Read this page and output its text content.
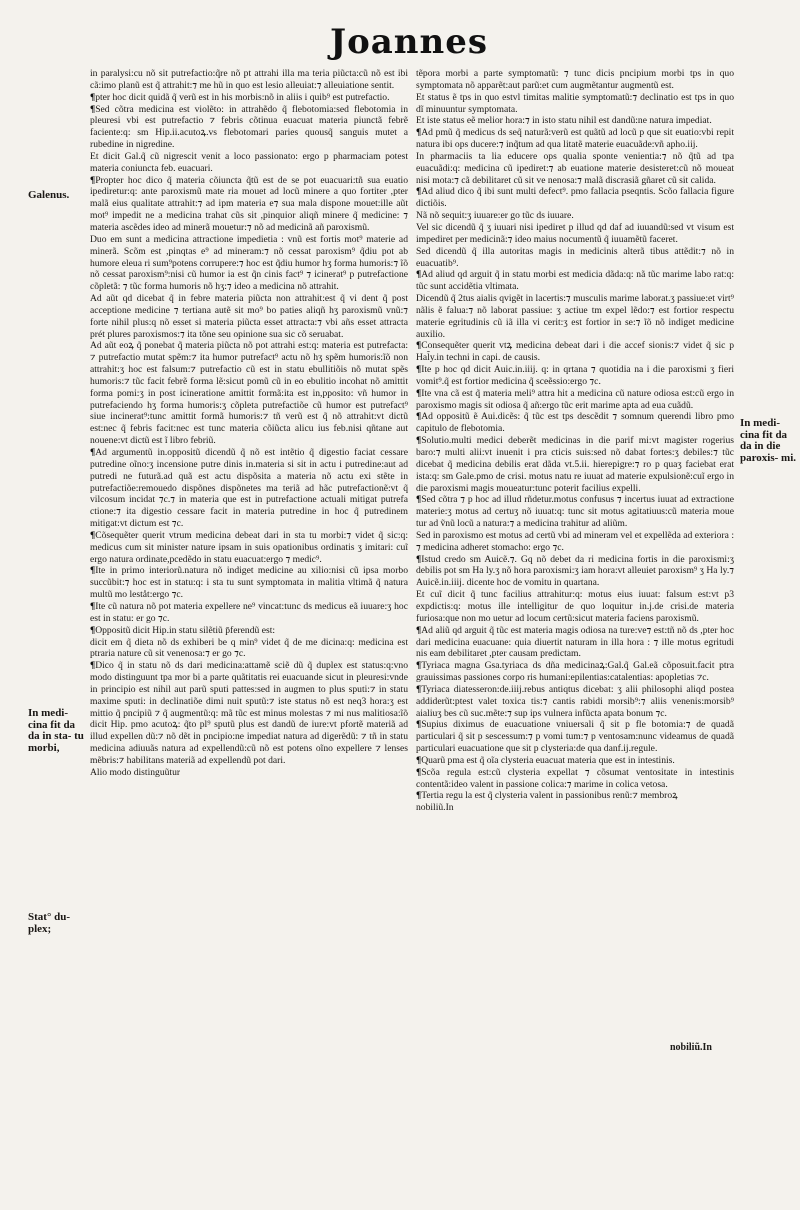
Joannes
Galenus.
In medi- cina fit da da in sta- tu morbi,
Stat° du- plex;
In medi- cina fit da da in die paroxis- mi.

in paralysi:cu nõ sit putrefactio:q̃re nõ pt attrahi illa ma teria piũcta:cũ nõ est ibi cã:imo planũ est q̃ attrahit:⁊ me hũ in quo est lesio alleuiat:⁊ alleuiatione sentit.

¶pter hoc dicit quidã q̃ verũ est in his morbis:nõ in aliis i quib⁹ est putrefactio.

¶Sed cõtra medicina est violẽto: in attrahẽdo q̃ flebotomia:sed flebotomia in pleuresi vbi est putrefactio ⁊ febris cõtinua euacuat materia piunctã febrẽ faciente:q: sm Hip.ii.acutoꝝ.vs flebotomari paries quousq̃ sanguis mutet a rubedine in nigredine.

Et dicit Gal.q̃ cũ nigrescit venit a loco passionato: ergo p pharmaciam potest materia coniuncta feb. euacuari.

¶Propter hoc dico q̃ materia cõiuncta q̃tũ est de se pot euacuari:tñ sua euatio ipediretur:q: ante paroxismũ mate ria mouet ad locũ minere a quo fortiter ,pter malã eius qualitate attrahit:⁊ ad ipm materia e⁊ sua mala dispone mouet:ille aũt mot⁹ impedit ne a medicina trahat cũs sit ,pinquior aliqñ minere q̃ medicine: ⁊ materia ascẽdes ideo ad minerã mouetur:⁊ nõ ad medicinã añ paroxismũ.

Duo em sunt a medicina attractione impedietia : vnũ est fortis mot⁹ materie ad minerã. Scõm est ,pinqtas e⁹ ad mineram:⁊ nõ cessat paroxism⁹ q̃diu pot ab humore eleua ri sum⁹potens corrupere:⁊ hoc est q̃diu humor hʒ forma humoris:⁊ ĩõ nõ cessat paroxism⁹:nisi cũ humor ia est q̃n cinis fact⁹ ⁊ icinerat⁹ p putrefactione cõpletã: ⁊ tũc forma humoris nõ hʒ:⁊ ideo a medicina nõ attrahit.

Ad aũt qd dicebat q̃ in febre materia piũcta non attrahit:est q̃ vi dent q̃ post acceptione medicine ⁊ tertiana autẽ sit mo⁹ bo paties aliqñ hʒ paroxismũ vnũ:⁊ forte nihil plus:q nõ esset si materia piũcta esset attracta:⁊ vbi añs esset attracta prét plures paroxismos:⁊ ita tõne seu opinione sua sic cõ seruabat.

Ad aũt eoꝝ q̃ ponebat q̃ materia piũcta nõ pot attrahi est:q: materia est putrefacta: ⁊ putrefactio mutat spẽm:⁊ ita humor putrefact⁹ actu nõ hʒ spẽm humoris:ĩõ non attrahit:ʒ hoc est falsum:⁊ putrefactio cũ est in statu ebullitiõis nõ mutat spẽs humoris:⁊ tũc facit febrẽ forma lẽ:sicut pomũ cũ in eo ebulitio incohat nõ amittit forma pomi:ʒ in post icineratione amittit formã:ita est in,pposito: vñ humor in putrefaciendo hʒ forma humoris:ʒ cõpleta putrefactiõe cũ humor est putrefact⁹ siue incinerat⁹:tunc amittit formã humoris:⁊ tñ verũ est q̃ nõ attrahit:vt dictũ est:nec q̃ febris facit:nec est tunc materia cõiũcta alicu ius feb.nisi qñtane aut nouene:vt dictũ est ĩ libro febriũ.

¶Ad argumentũ in.oppositũ dicendũ q̃ nõ est intẽtio q̃ digestio faciat cessare putredine oĩno:ʒ incensione putre dinis in.materia si sit in actu i putredine:aut ad putredi ne futurã.ad quã est actu dispõsita a materia nõ actu exi stẽte in putrefactiõe:remouedo dispõnes dispõnetes ma teriã ad hãc putrefactionẽ:vt q̃ vilcosum incidat ⁊c.⁊ in materia que est in putrefactione actuali mitigat putrefa ctione:⁊ ita digestio cessare facit in materia putredine in hoc q̃ putredinem mitigat:vt dictum est ⁊c.

¶Cõsequẽter querit vtrum medicina debeat dari in sta tu morbi:⁊ videt q̃ sic:q: medicus cum sit minister nature ipsam in suis opationibus ordinatis ʒ imitari: cuĩ ergo natura ordinate,pcedẽdo in statu euacuat:ergo ⁊ medic⁹.

¶Ite in primo interiorũ.natura nõ indiget medicine au xilio:nisi cũ ipsa morbo succũbit:⁊ hoc est in statu:q: i sta tu sunt symptomata in malitia vltimã q̃ natura multũ mo leståt:ergo ⁊c.

¶Ite cũ natura nõ pot materia expellere ne⁹ vincat:tunc ds medicus eã iuuare:ʒ hoc est in statu: er go ⁊c.

¶Oppositũ dicit Hip.in statu silẽtiũ p̄ferendũ est:

dicit em q̃ dieta nõ ds exhiberi be q min⁹ videt q̃ de me dicina:q: medicina est ptraria nature cũ sit venenosa:⁊ er go ⁊c.

¶Dico q̃ in statu nõ ds dari medicina:attamẽ sciẽ dũ q̃ duplex est status:q:vno modo distinguunt tpa mor bi a parte quãtitatis rei euacuande sicut in pleuresi:vnde in principio est nihil aut parũ sputi pattes:sed in augmen to plus sputi:⁊ in statu maxime sputi: in declinatiõe dimi nuit sputũ:⁊ iste status nõ est neq3 hora:ʒ est mittio q̃ pncipiũ ⁊ q̃ augmentũ:q: mã tũc est minus molestas ⁊ mi nus malitiosa:ĩõ dicit Hip. pmo acutoꝝ: q̃to pl⁹ sputũ plus est dandũ de iure:vt pfortẽ materiã ad illud expellen dũ:⁊ nõ dẽt in pncipio:ne impediat natura ad digerẽdũ: ⁊ tñ in statu medicina adiuuãs natura ad expellendũ:cũ nõ est potens oĩno expellere ⁊ lenses mẽbris:⁊ habilitans materiã ad expellendũ pot dari.

Alio modo distinguũtur

tẽpora morbi a parte symptomatũ: ⁊ tunc dicis pncipium morbi tps in quo symptomata nõ apparẽt:aut parũ:et cum augmẽtantur augmentũ est.

Et status ẽ tps in quo estvl timitas malitie symptomatũ:⁊ declinatio est tps in quo dĩ minuuntur symptomata.

Et iste status eẽ melior hora:⁊ in isto statu nihil est dandũ:ne natura impediat.

¶Ad pmũ q̃ medicus ds seq̃ naturã:verũ est quãtũ ad locũ p que sit euatio:vbi repit natura ibi ops ducere:⁊ inq̃tum ad qua litatẽ materie euacuãde:vñ apho.iij.

In pharmaciis ta lia educere ops qualia sponte venientia:⁊ nõ q̃tũ ad tpa euacuãdi:q: medicina cũ ipediret:⁊ ab euatione materie desisteret:cũ nõ moueat nisi mota:⁊ cã debilitaret cũ sit ve nenosa:⁊ malã discrasiã gñaret cũ sit calida.

¶Ad aliud dico q̃ ibi sunt multi defect⁹. pmo fallacia pseqntis. Scõo fallacia figure dictiõis.

Nã nõ sequit:ʒ iuuare:er go tũc ds iuuare.

Vel sic dicendũ q̃ ʒ iuuari nisi ipediret p illud qd daf ad iuuandũ:sed vt visum est impediret per medicinã:⁊ ideo maius nocumentũ q̃ iuuamẽtũ faceret.

Sed dicendũ q̃ illa autoritas magis in medicinis alterã tibus attẽdit:⁊ nõ in euacuatib⁹.

¶Ad aliud qd arguit q̃ in statu morbi est medicia dãda:q: nã tũc marime labo rat:q: tũc sunt accidẽtia vltimata.

Dicendũ q̃ 2tus aialis qvigẽt in lacertis:⁊ musculis marime laborat.ʒ passiue:et virt⁹ nãlis ẽ falua:⁊ nõ laborat passiue: ʒ actiue tm expel lẽdo:⁊ est fortior respectu materie egritudinis cũ iã illa vi cerit:ʒ est fortior in se:⁊ ĩõ nõ indiget medicine auxilio.

¶Consequẽter querit vtꝝ medicina debeat dari i die accef sionis:⁊ videt q̃ sic p Hal̃y.in techni in capi. de causis.

¶Ite p hoc qd dicit Auic.in.iiij. q: in qrtana ⁊ quotidia na i die paroxismi ʒ fieri vomit⁹.q̃ est fortior medicina q̃ sceẽssio:ergo ⁊c.

¶Ite vna cã est q̃ materia meli⁹ attra hit a medicina cũ nature odiosa est:cũ ergo in paroxismo magis sit odiosa q̃ añ:ergo tũc erit marime apta ad eua cuãdũ.

¶Ad oppositũ ẽ Aui.dicẽs: q̃ tũc est tps descẽdit ⁊ somnum querendi libro pmo capitulo de flebotomia.

¶Solutio.multi medici deberẽt medicinas in die parif mi:vt magister rogerius baro:⁊ multi alii:vt inuenit i pra cticis suis:sed nõ dabat fortes:ʒ debiles:⁊ tũc dicebat q̃ medicina debilis erat dãda vt.5.ii. hierepigre:⁊ ro p quaʒ faciebat erat ista:q: sm Gale.pmo de crisi. motus natu re iuuat ad materie expulsionẽ:cuĩ ergo in die paroxismi magis moueatur:tunc poterit facilius expelli.

¶Sed cõtra ⁊ p hoc ad illud rñdetur.motus confusus ⁊ incertus iuuat ad extractione materie:ʒ motus ad certuʒ nõ iuuat:q: tunc sit motus agitatiuus:cũ materia moue tur ad ṽnũ locũ a natura:⁊ a medicina trahitur ad aliũm.

Sed in paroxismo est motus ad certũ vbi ad mineram vel et expellẽda ad exteriora : ⁊ medicina adheret stomacho: ergo ⁊c.

¶Istud credo sm Auicẽ.⁊. Gq nõ debet da ri medicina fortis in die paroxismi:ʒ debilis pot sm Ha ly.ʒ nõ hora paroxismi:ʒ iam hora:vt alleuiet paroxism⁹ ʒ Ha ly.⁊ Auicẽ.in.iiij. dicente hoc de vomitu in quartana.

Et cuĩ dicit q̃ tunc facilius attrahitur:q: motus eius iuuat: falsum est:vt p3 expdictis:q: motus ille intelligitur de quo loquitur in.j.de crisi.de materia furiosa:que non mo uetur ad locum certũ:sicut materia faciens paroxismũ.

¶Ad aliũ qd arguit q̃ tũc est materia magis odiosa na ture:ve⁊ est:tñ nõ ds ,pter hoc dari medicina euacuane: quia diuertit naturam in illa hora : ⁊ ille motus egritudi nis eam debilitaret ,pter causam predictam.

¶Tyriaca magna Gsa.tyriaca ds dña medicinaꝝ:Gal.q̃ Gal.eã cõposuit.facit ptra grauissimas passiones corpo ris humani:epilentias:catalentias: apopletias ⁊c.

¶Tyriaca diatesseron:de.iiij.rebus antiqtus dicebat: ʒ alii philosophi aliqd postea addiderũt:ptest valet toxica tis:⁊ cantis rabidi morsib⁹:⁊ aliis venenis:morsib⁹ aialiuʒ bes cũ suc.mẽte:⁊ sup ips vulnera infũcta apata bonum ⁊c.

¶Supius diximus de euacuatione vniuersali q̃ sit p fle botomia:⁊ de quadã particulari q̃ sit p sescessum:⁊ p vomi tum:⁊ p ventosam:nunc videamus de quadã particulari euacuatione que sit p clysteria:de qua danf.ij.regule.

¶Quarũ pma est q̃ oĩa clysteria euacuat materia que est in intestinis.

¶Scõa regula est:cũ clysteria expellat ⁊ cõsumat ventositate in intestinis contentã:ideo valent in passione colica:⁊ marime in colica vetosa.

¶Tertia regu la est q̃ clysteria valent in passionibus renũ:⁊ membroꝝ

nobiliũ.In

nobiliũ.In
